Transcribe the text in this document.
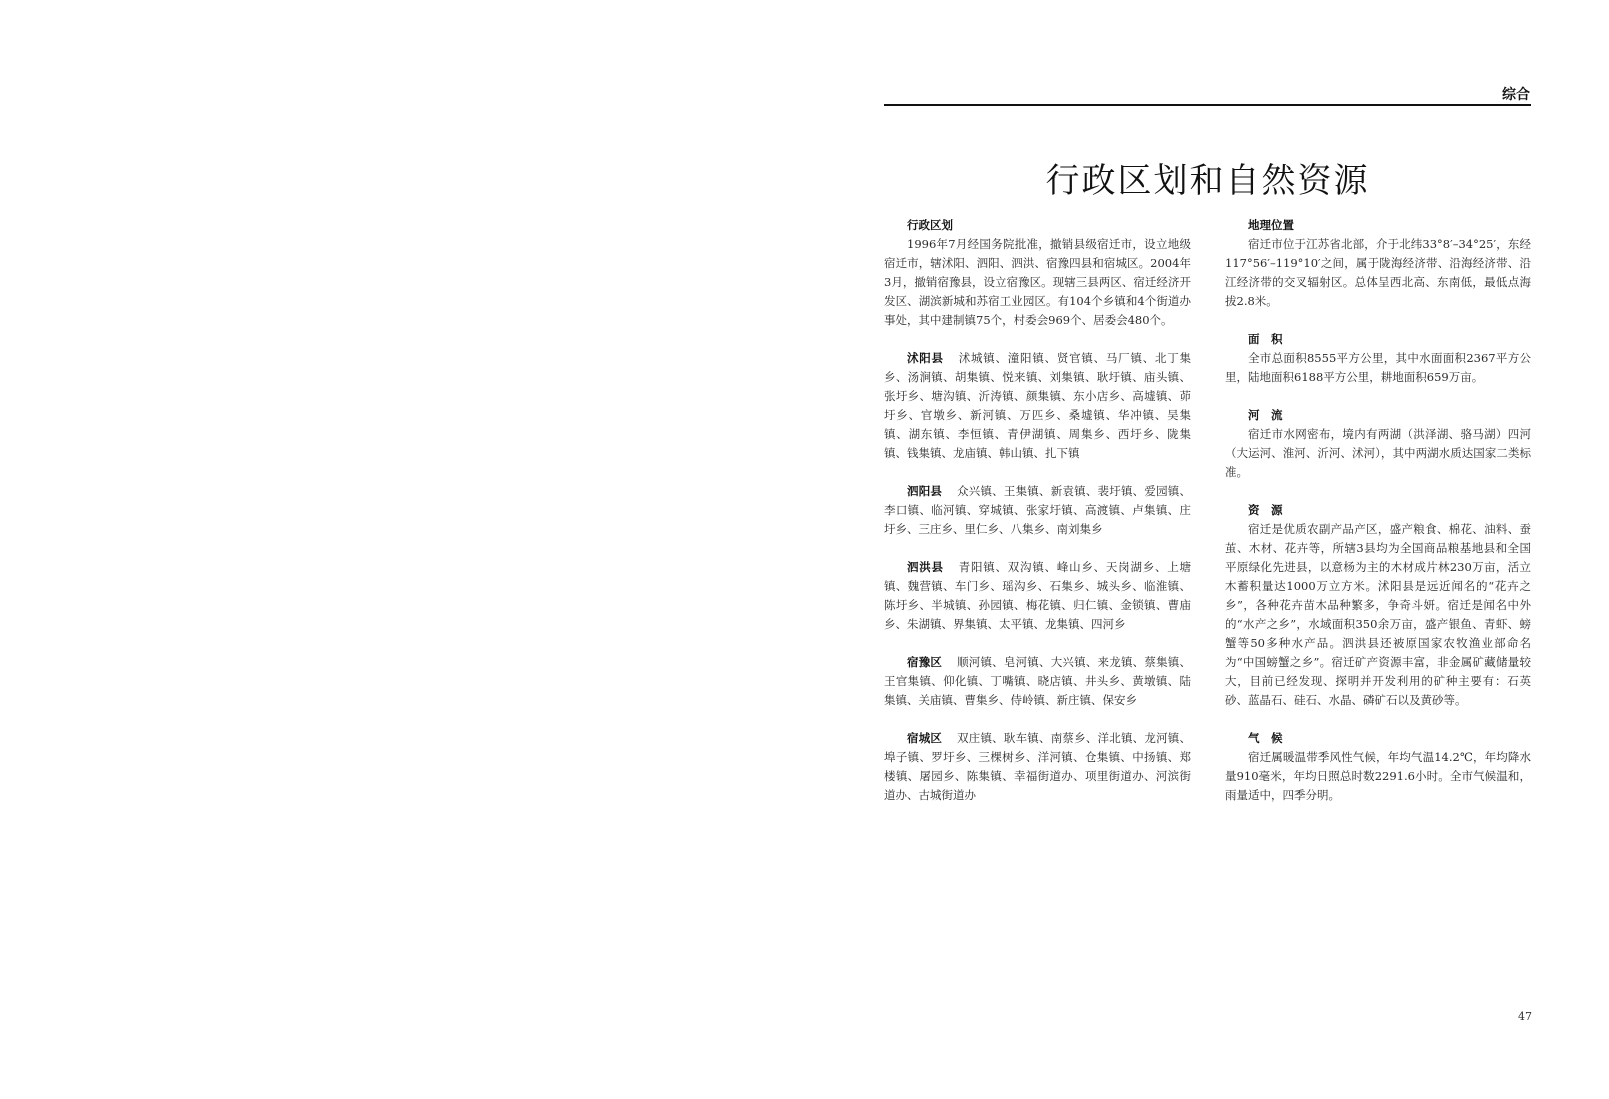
综合
行政区划和自然资源
行政区划

1996年7月经国务院批准，撤销县级宿迁市，设立地级宿迁市，辖沭阳、泗阳、泗洪、宿豫四县和宿城区。2004年3月，撤销宿豫县，设立宿豫区。现辖三县两区、宿迁经济开发区、湖滨新城和苏宿工业园区。有104个乡镇和4个街道办事处，其中建制镇75个，村委会969个、居委会480个。

沭阳县 沭城镇、潼阳镇、贤官镇、马厂镇、北丁集乡、汤涧镇、胡集镇、悦来镇、刘集镇、耿圩镇、庙头镇、张圩乡、塘沟镇、沂涛镇、颜集镇、东小店乡、高墟镇、茆圩乡、官墩乡、新河镇、万匹乡、桑墟镇、华冲镇、吴集镇、湖东镇、李恒镇、青伊湖镇、周集乡、西圩乡、陇集镇、钱集镇、龙庙镇、韩山镇、扎下镇
泗阳县 众兴镇、王集镇、新袁镇、裴圩镇、爱园镇、李口镇、临河镇、穿城镇、张家圩镇、高渡镇、卢集镇、庄圩乡、三庄乡、里仁乡、八集乡、南刘集乡
泗洪县 青阳镇、双沟镇、峰山乡、天岗湖乡、上塘镇、魏营镇、车门乡、瑶沟乡、石集乡、城头乡、临淮镇、陈圩乡、半城镇、孙园镇、梅花镇、归仁镇、金锁镇、曹庙乡、朱湖镇、界集镇、太平镇、龙集镇、四河乡
宿豫区 顺河镇、皂河镇、大兴镇、来龙镇、蔡集镇、王官集镇、仰化镇、丁嘴镇、晓店镇、井头乡、黄墩镇、陆集镇、关庙镇、曹集乡、侍岭镇、新庄镇、保安乡
宿城区 双庄镇、耿车镇、南蔡乡、洋北镇、龙河镇、埠子镇、罗圩乡、三棵树乡、洋河镇、仓集镇、中扬镇、郑楼镇、屠园乡、陈集镇、幸福街道办、项里街道办、河滨街道办、古城街道办
地理位置

宿迁市位于江苏省北部，介于北纬33°8′–34°25′，东经117°56′–119°10′之间，属于陇海经济带、沿海经济带、沿江经济带的交叉辐射区。总体呈西北高、东南低，最低点海拔2.8米。

面　积

全市总面积8555平方公里，其中水面面积2367平方公里，陆地面积6188平方公里，耕地面积659万亩。

河　流

宿迁市水网密布，境内有两湖（洪泽湖、骆马湖）四河（大运河、淮河、沂河、沭河），其中两湖水质达国家二类标准。

资　源

宿迁是优质农副产品产区，盛产粮食、棉花、油料、蚕茧、木材、花卉等，所辖3县均为全国商品粮基地县和全国平原绿化先进县，以意杨为主的木材成片林230万亩，活立木蓄积量达1000万立方米。沭阳县是远近闻名的“花卉之乡”，各种花卉苗木品种繁多，争奇斗妍。宿迁是闻名中外的“水产之乡”，水域面积350余万亩，盛产银鱼、青虾、螃蟹等50多种水产品。泗洪县还被原国家农牧渔业部命名为“中国螃蟹之乡”。宿迁矿产资源丰富，非金属矿藏储量较大，目前已经发现、探明并开发利用的矿种主要有：石英砂、蓝晶石、硅石、水晶、磷矿石以及黄砂等。

气　候

宿迁属暖温带季风性气候，年均气温14.2℃，年均降水量910毫米，年均日照总时数2291.6小时。全市气候温和，雨量适中，四季分明。

47
